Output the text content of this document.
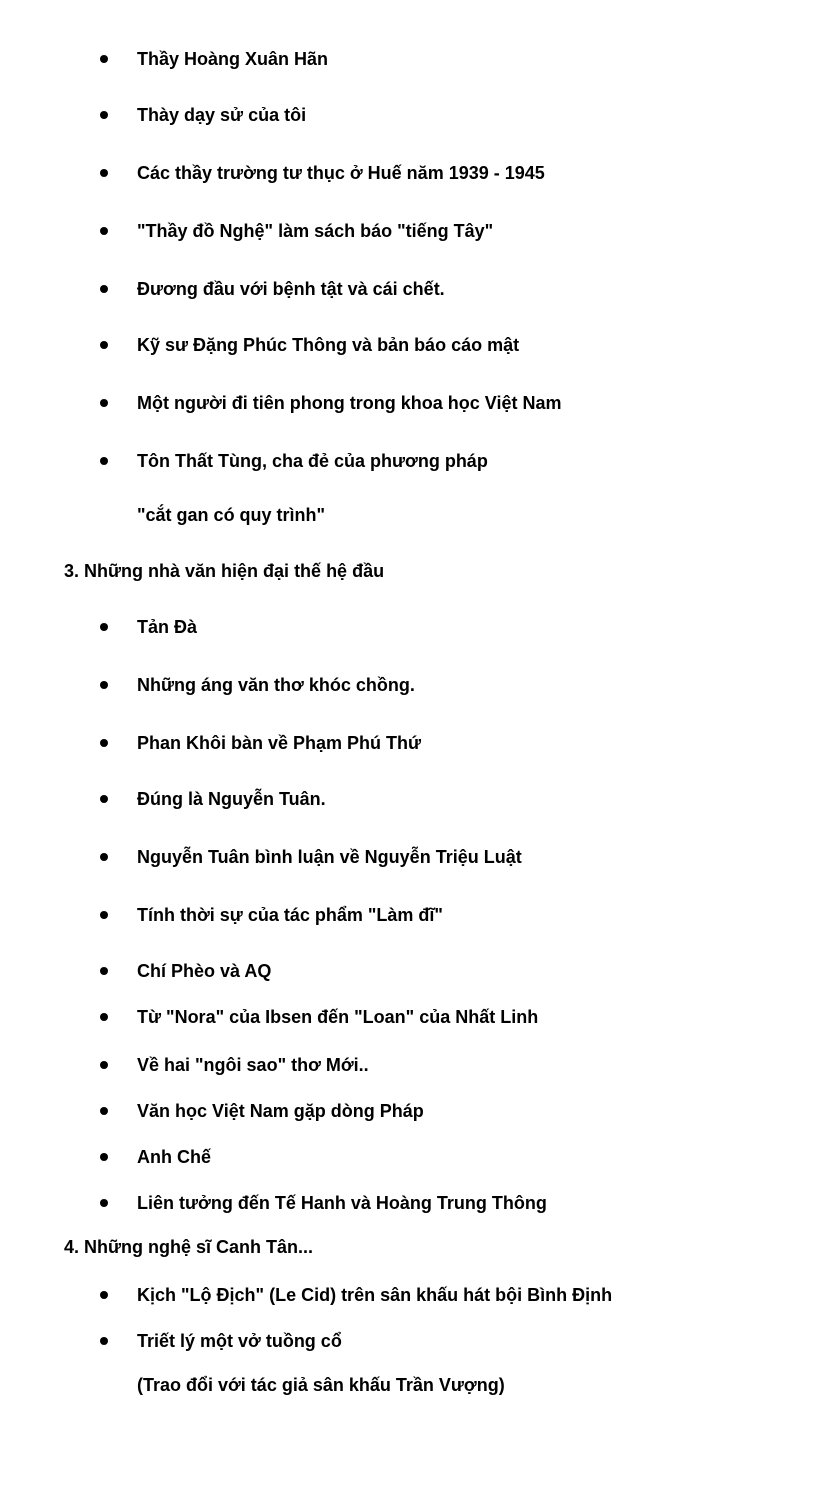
Thầy Hoàng Xuân Hãn
Thày dạy sử của tôi
Các thầy trường tư thục ở Huế năm 1939 - 1945
"Thầy đồ Nghệ" làm sách báo "tiếng Tây"
Đương đầu với bệnh tật và cái chết.
Kỹ sư Đặng Phúc Thông và bản báo cáo mật
Một người đi tiên phong trong khoa học Việt Nam
Tôn Thất Tùng, cha đẻ của phương pháp
"cắt gan có quy trình"
3. Những nhà văn hiện đại thế hệ đầu
Tản Đà
Những áng văn thơ khóc chồng.
Phan Khôi bàn về Phạm Phú Thứ
Đúng là Nguyễn Tuân.
Nguyễn Tuân bình luận về Nguyễn Triệu Luật
Tính thời sự của tác phẩm "Làm đĩ"
Chí Phèo và AQ
Từ "Nora" của Ibsen đến "Loan" của Nhất Linh
Về hai "ngôi sao" thơ Mới..
Văn học Việt Nam gặp dòng Pháp
Anh Chế
Liên tưởng đến Tế Hanh và Hoàng Trung Thông
4. Những nghệ sĩ Canh Tân...
Kịch "Lộ Địch" (Le Cid) trên sân khấu hát bội Bình Định
Triết lý một vở tuồng cổ
(Trao đổi với tác giả sân khấu Trần Vượng)
